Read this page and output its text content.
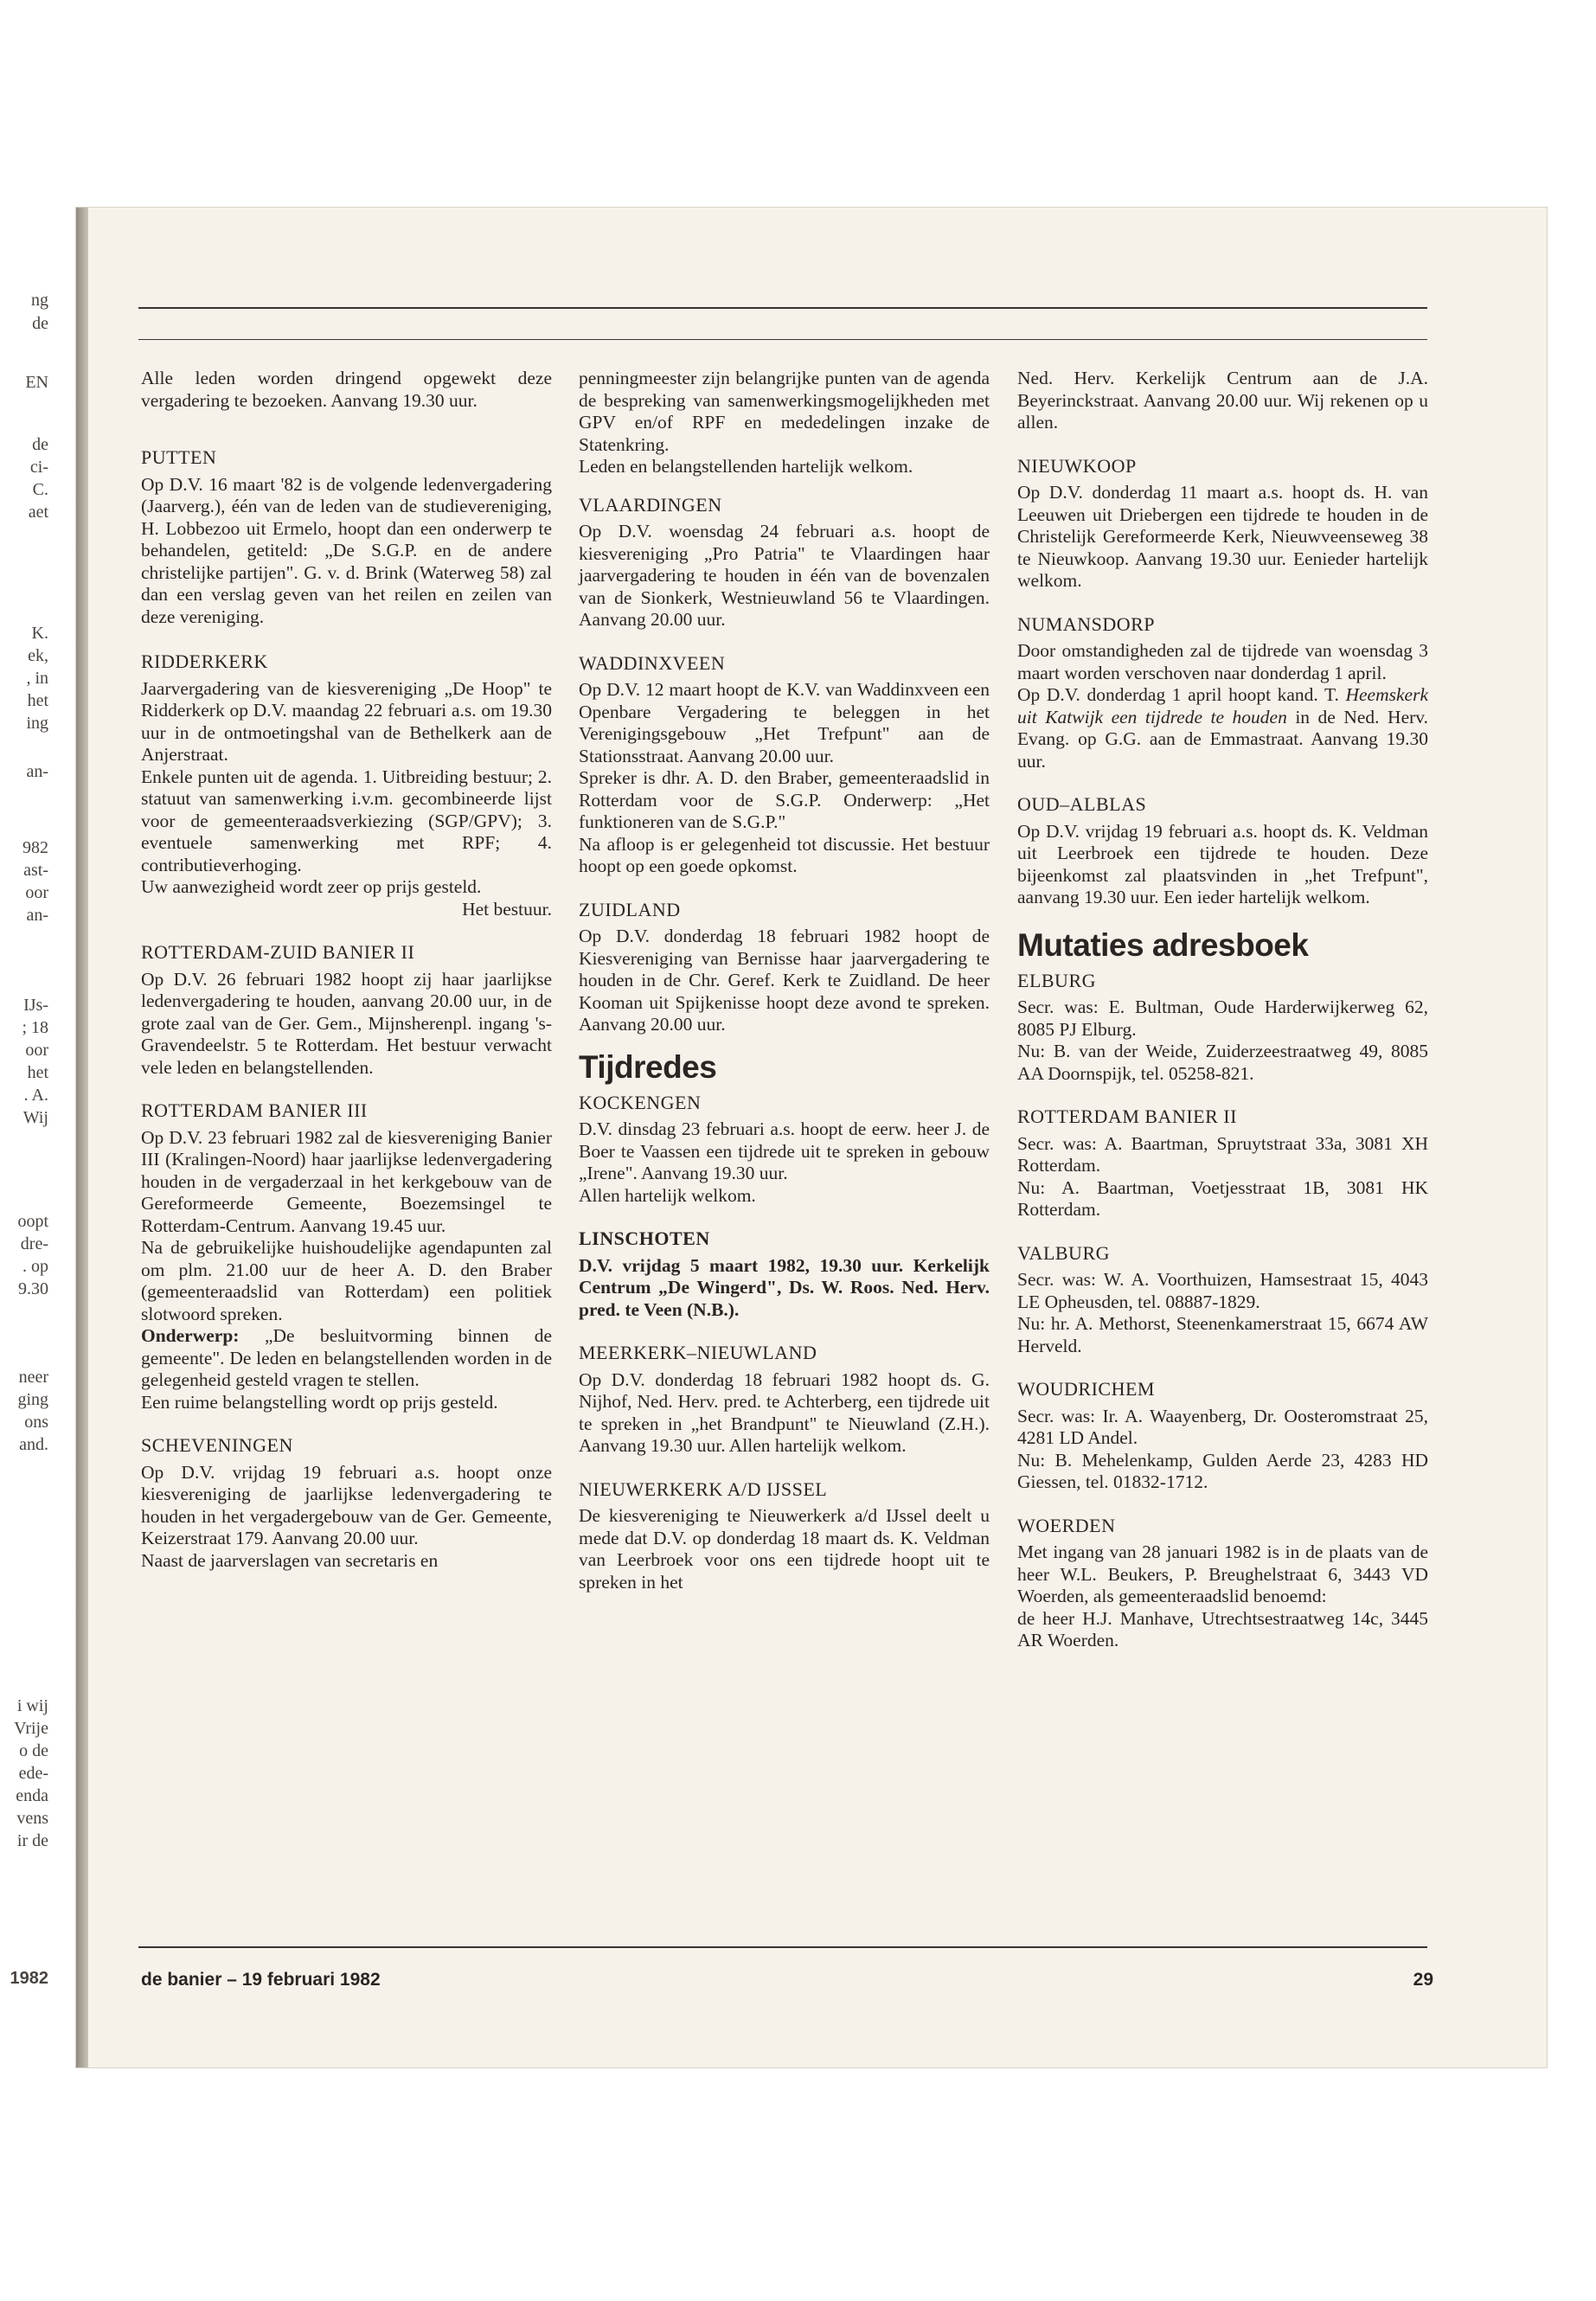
ng
de
EN
de
ci-
C.
aet
K.
ek,
, in
het
ing
an-
982
ast-
oor
an-
IJs-
; 18
oor
het
. A.
Wij
oopt
dre-
. op
9.30
neer
ging
ons
and.
i wij
Vrije
o de
ede-
enda
vens
ir de
1982

Alle leden worden dringend opgewekt deze vergadering te bezoeken. Aanvang 19.30 uur.

PUTTEN

Op D.V. 16 maart '82 is de volgende ledenvergadering (Jaarverg.), één van de leden van de studievereniging, H. Lobbezoo uit Ermelo, hoopt dan een onderwerp te behandelen, getiteld: „De S.G.P. en de andere christelijke partijen". G. v. d. Brink (Waterweg 58) zal dan een verslag geven van het reilen en zeilen van deze vereniging.

RIDDERKERK

Jaarvergadering van de kiesvereniging „De Hoop" te Ridderkerk op D.V. maandag 22 februari a.s. om 19.30 uur in de ontmoetingshal van de Bethelkerk aan de Anjerstraat.

Enkele punten uit de agenda. 1. Uitbreiding bestuur; 2. statuut van samenwerking i.v.m. gecombineerde lijst voor de gemeenteraadsverkiezing (SGP/GPV); 3. eventuele samenwerking met RPF; 4. contributieverhoging.

Uw aanwezigheid wordt zeer op prijs gesteld.

Het bestuur.

ROTTERDAM-ZUID BANIER II

Op D.V. 26 februari 1982 hoopt zij haar jaarlijkse ledenvergadering te houden, aanvang 20.00 uur, in de grote zaal van de Ger. Gem., Mijnsherenpl. ingang 's-Gravendeelstr. 5 te Rotterdam. Het bestuur verwacht vele leden en belangstellenden.

ROTTERDAM BANIER III

Op D.V. 23 februari 1982 zal de kiesvereniging Banier III (Kralingen-Noord) haar jaarlijkse ledenvergadering houden in de vergaderzaal in het kerkgebouw van de Gereformeerde Gemeente, Boezemsingel te Rotterdam-Centrum. Aanvang 19.45 uur.

Na de gebruikelijke huishoudelijke agendapunten zal om plm. 21.00 uur de heer A. D. den Braber (gemeenteraadslid van Rotterdam) een politiek slotwoord spreken.

Onderwerp: „De besluitvorming binnen de gemeente". De leden en belangstellenden worden in de gelegenheid gesteld vragen te stellen.

Een ruime belangstelling wordt op prijs gesteld.

SCHEVENINGEN

Op D.V. vrijdag 19 februari a.s. hoopt onze kiesvereniging de jaarlijkse ledenvergadering te houden in het vergadergebouw van de Ger. Gemeente, Keizerstraat 179. Aanvang 20.00 uur.

Naast de jaarverslagen van secretaris en

penningmeester zijn belangrijke punten van de agenda de bespreking van samenwerkingsmogelijkheden met GPV en/of RPF en mededelingen inzake de Statenkring.

Leden en belangstellenden hartelijk welkom.

VLAARDINGEN

Op D.V. woensdag 24 februari a.s. hoopt de kiesvereniging „Pro Patria" te Vlaardingen haar jaarvergadering te houden in één van de bovenzalen van de Sionkerk, Westnieuwland 56 te Vlaardingen. Aanvang 20.00 uur.

WADDINXVEEN

Op D.V. 12 maart hoopt de K.V. van Waddinxveen een Openbare Vergadering te beleggen in het Verenigingsgebouw „Het Trefpunt" aan de Stationsstraat. Aanvang 20.00 uur.

Spreker is dhr. A. D. den Braber, gemeenteraadslid in Rotterdam voor de S.G.P. Onderwerp: „Het funktioneren van de S.G.P."

Na afloop is er gelegenheid tot discussie. Het bestuur hoopt op een goede opkomst.

ZUIDLAND

Op D.V. donderdag 18 februari 1982 hoopt de Kiesvereniging van Bernisse haar jaarvergadering te houden in de Chr. Geref. Kerk te Zuidland. De heer Kooman uit Spijkenisse hoopt deze avond te spreken. Aanvang 20.00 uur.

Tijdredes
KOCKENGEN

D.V. dinsdag 23 februari a.s. hoopt de eerw. heer J. de Boer te Vaassen een tijdrede uit te spreken in gebouw „Irene". Aanvang 19.30 uur.

Allen hartelijk welkom.

LINSCHOTEN

D.V. vrijdag 5 maart 1982, 19.30 uur. Kerkelijk Centrum „De Wingerd", Ds. W. Roos. Ned. Herv. pred. te Veen (N.B.).

MEERKERK–NIEUWLAND

Op D.V. donderdag 18 februari 1982 hoopt ds. G. Nijhof, Ned. Herv. pred. te Achterberg, een tijdrede uit te spreken in „het Brandpunt" te Nieuwland (Z.H.). Aanvang 19.30 uur. Allen hartelijk welkom.

NIEUWERKERK A/D IJSSEL

De kiesvereniging te Nieuwerkerk a/d IJssel deelt u mede dat D.V. op donderdag 18 maart ds. K. Veldman van Leerbroek voor ons een tijdrede hoopt uit te spreken in het

Ned. Herv. Kerkelijk Centrum aan de J.A. Beyerinckstraat. Aanvang 20.00 uur. Wij rekenen op u allen.

NIEUWKOOP

Op D.V. donderdag 11 maart a.s. hoopt ds. H. van Leeuwen uit Driebergen een tijdrede te houden in de Christelijk Gereformeerde Kerk, Nieuwveenseweg 38 te Nieuwkoop. Aanvang 19.30 uur. Eenieder hartelijk welkom.

NUMANSDORP

Door omstandigheden zal de tijdrede van woensdag 3 maart worden verschoven naar donderdag 1 april.

Op D.V. donderdag 1 april hoopt kand. T. Heemskerk uit Katwijk een tijdrede te houden in de Ned. Herv. Evang. op G.G. aan de Emmastraat. Aanvang 19.30 uur.

OUD–ALBLAS

Op D.V. vrijdag 19 februari a.s. hoopt ds. K. Veldman uit Leerbroek een tijdrede te houden. Deze bijeenkomst zal plaatsvinden in „het Trefpunt", aanvang 19.30 uur. Een ieder hartelijk welkom.

Mutaties adresboek
ELBURG

Secr. was: E. Bultman, Oude Harderwijkerweg 62, 8085 PJ Elburg.

Nu: B. van der Weide, Zuiderzeestraatweg 49, 8085 AA Doornspijk, tel. 05258-821.

ROTTERDAM BANIER II

Secr. was: A. Baartman, Spruytstraat 33a, 3081 XH Rotterdam.

Nu: A. Baartman, Voetjesstraat 1B, 3081 HK Rotterdam.

VALBURG

Secr. was: W. A. Voorthuizen, Hamsestraat 15, 4043 LE Opheusden, tel. 08887-1829.

Nu: hr. A. Methorst, Steenenkamerstraat 15, 6674 AW Herveld.

WOUDRICHEM

Secr. was: Ir. A. Waayenberg, Dr. Oosteromstraat 25, 4281 LD Andel.

Nu: B. Mehelenkamp, Gulden Aerde 23, 4283 HD Giessen, tel. 01832-1712.

WOERDEN

Met ingang van 28 januari 1982 is in de plaats van de heer W.L. Beukers, P. Breughelstraat 6, 3443 VD Woerden, als gemeenteraadslid benoemd:

de heer H.J. Manhave, Utrechtsestraatweg 14c, 3445 AR Woerden.

de banier – 19 februari 1982	29
